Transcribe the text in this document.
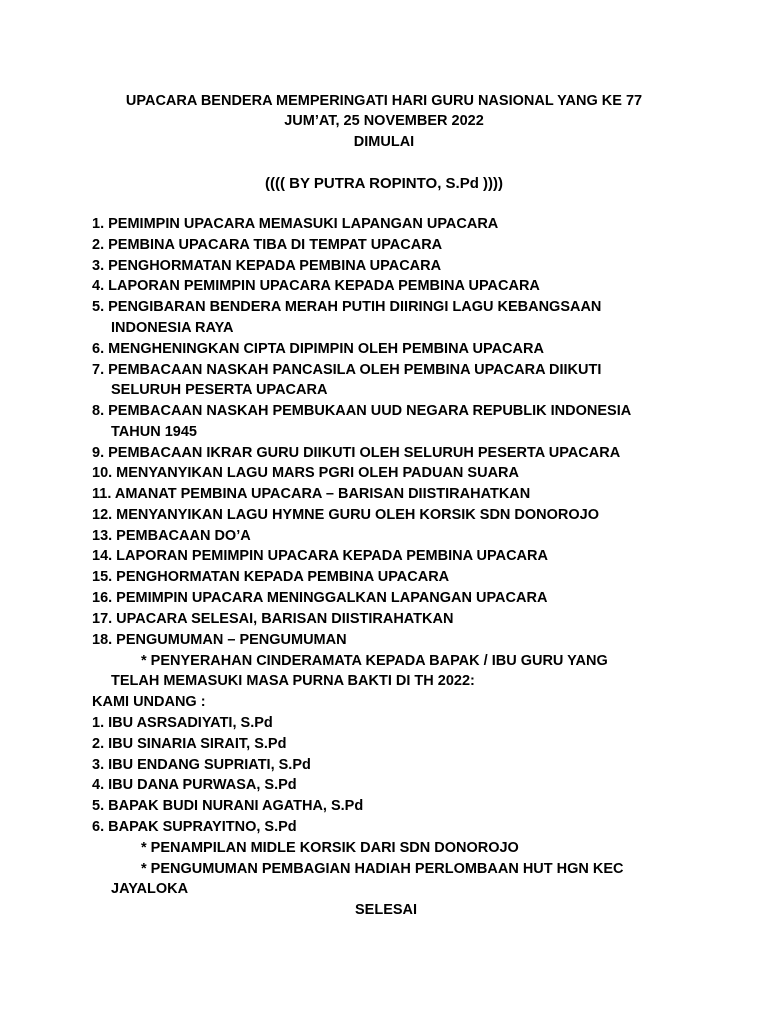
UPACARA BENDERA MEMPERINGATI HARI GURU NASIONAL YANG KE 77
JUM’AT, 25 NOVEMBER 2022
DIMULAI
(((( BY PUTRA ROPINTO, S.Pd ))))
1. PEMIMPIN UPACARA MEMASUKI LAPANGAN UPACARA
2. PEMBINA UPACARA TIBA DI TEMPAT UPACARA
3. PENGHORMATAN KEPADA PEMBINA UPACARA
4. LAPORAN PEMIMPIN UPACARA KEPADA PEMBINA UPACARA
5. PENGIBARAN BENDERA MERAH PUTIH DIIRINGI LAGU KEBANGSAAN
INDONESIA RAYA
6. MENGHENINGKAN CIPTA DIPIMPIN OLEH PEMBINA UPACARA
7. PEMBACAAN NASKAH PANCASILA OLEH PEMBINA UPACARA DIIKUTI
SELURUH PESERTA UPACARA
8. PEMBACAAN NASKAH PEMBUKAAN UUD NEGARA REPUBLIK INDONESIA
TAHUN 1945
9. PEMBACAAN IKRAR GURU DIIKUTI OLEH SELURUH PESERTA UPACARA
10. MENYANYIKAN LAGU MARS PGRI OLEH PADUAN SUARA
11. AMANAT PEMBINA UPACARA – BARISAN DIISTIRAHATKAN
12. MENYANYIKAN LAGU HYMNE GURU OLEH KORSIK SDN DONOROJO
13. PEMBACAAN DO’A
14. LAPORAN PEMIMPIN UPACARA KEPADA PEMBINA UPACARA
15. PENGHORMATAN KEPADA PEMBINA UPACARA
16. PEMIMPIN UPACARA MENINGGALKAN LAPANGAN UPACARA
17. UPACARA SELESAI, BARISAN DIISTIRAHATKAN
18. PENGUMUMAN – PENGUMUMAN
* PENYERAHAN CINDERAMATA KEPADA BAPAK / IBU GURU YANG
TELAH MEMASUKI MASA PURNA BAKTI DI TH 2022:
KAMI UNDANG :
1. IBU ASRSADIYATI, S.Pd
2. IBU SINARIA SIRAIT, S.Pd
3. IBU ENDANG SUPRIATI, S.Pd
4. IBU DANA PURWASA, S.Pd
5. BAPAK BUDI NURANI AGATHA, S.Pd
6. BAPAK SUPRAYITNO, S.Pd
* PENAMPILAN MIDLE KORSIK DARI SDN DONOROJO
* PENGUMUMAN PEMBAGIAN HADIAH PERLOMBAAN HUT HGN KEC
JAYALOKA
SELESAI
